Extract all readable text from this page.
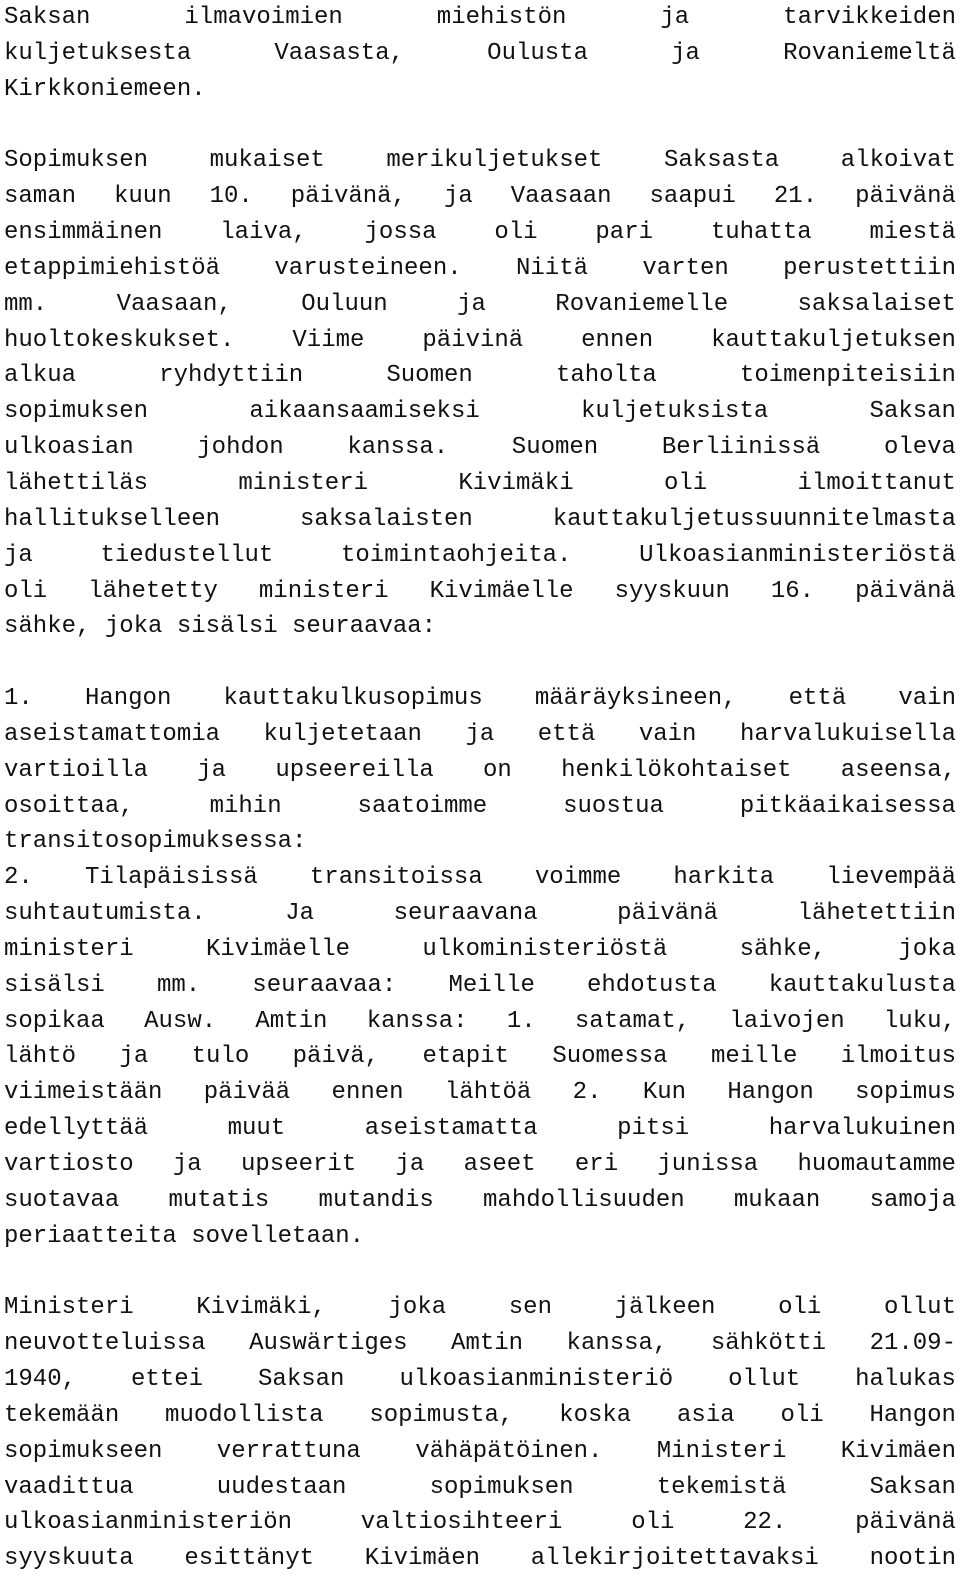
Saksan	ilmavoimien	miehistön	ja	tarvikkeiden
kuljetuksesta	Vaasasta,	Oulusta	ja	Rovaniemeltä
Kirkkoniemeen.
Sopimuksen	mukaiset	merikuljetukset	Saksasta	alkoivat
saman kuun 10. päivänä, ja Vaasaan saapui 21. päivänä
ensimmäinen laiva, jossa oli pari tuhatta miestä
etappimiehistöä varusteineen. Niitä varten perustettiin
mm.	Vaasaan,	Ouluun	ja	Rovaniemelle	saksalaiset
huoltokeskukset. Viime päivinä ennen kauttakuljetuksen
alkua	ryhdyttiin	Suomen	taholta	toimenpiteisiin
sopimuksen	aikaansaamiseksi	kuljetuksista	Saksan
ulkoasian	johdon	kanssa.	Suomen	Berliinissä	oleva
lähettiläs	ministeri	Kivimäki	oli	ilmoittanut
hallitukselleen	saksalaisten	kauttakuljetussuunnitelmasta
ja	tiedustellut	toimintaohjeita.	Ulkoasianministeriöstä
oli lähetetty ministeri Kivimäelle syyskuun 16. päivänä
sähke, joka sisälsi seuraavaa:
1. Hangon kauttakulkusopimus määräyksineen, että vain
aseistamattomia kuljetetaan ja että vain harvalukuisella
vartioilla ja upseereilla on henkilökohtaiset aseensa,
osoittaa,	mihin	saatoimme	suostua	pitkäaikaisessa
transitosopimuksessa:
2. Tilapäisissä transitoissa voimme harkita lievempää
suhtautumista.	Ja	seuraavana	päivänä	lähetettiin
ministeri	Kivimäelle	ulkoministeriöstä	sähke,	joka
sisälsi mm. seuraavaa: Meille ehdotusta kauttakulusta
sopikaa Ausw. Amtin kanssa: 1. satamat, laivojen luku,
lähtö ja tulo päivä, etapit Suomessa meille ilmoitus
viimeistään päivää ennen lähtöä 2. Kun Hangon sopimus
edellyttää	muut	aseistamatta	pitsi	harvalukuinen
vartiosto ja upseerit ja aseet eri junissa huomautamme
suotavaa mutatis mutandis mahdollisuuden mukaan samoja
periaatteita sovelletaan.
Ministeri	Kivimäki,	joka	sen	jälkeen	oli	ollut
neuvotteluissa Auswärtiges Amtin kanssa, sähkötti 21.09-
1940, ettei Saksan ulkoasianministeriö ollut halukas
tekemään muodollista sopimusta, koska asia oli Hangon
sopimukseen verrattuna vähäpätöinen. Ministeri Kivimäen
vaadittua	uudestaan	sopimuksen	tekemistä	Saksan
ulkoasianministeriön	valtiosihteeri	oli	22.	päivänä
syyskuuta esittänyt Kivimäen allekirjoitettavaksi nootin
